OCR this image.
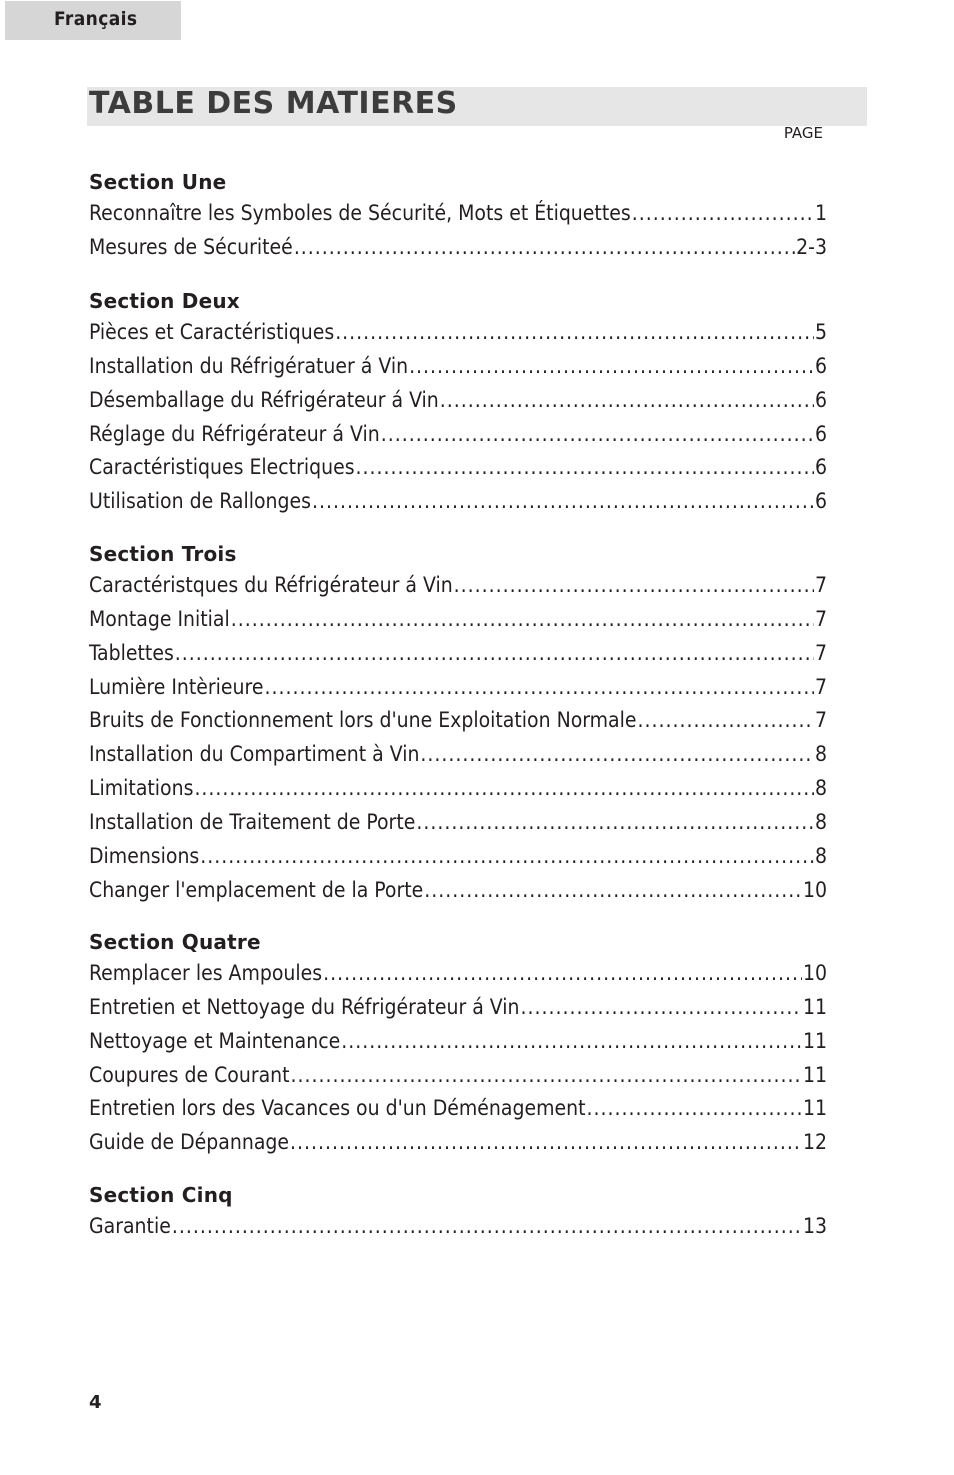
Français
TABLE DES MATIERES
PAGE
Section Une
Reconnaître les Symboles de Sécurité, Mots et Étiquettes .....	1
Mesures de Sécuriteé .....	2-3
Section Deux
Pièces et Caractéristiques .....	5
Installation du Réfrigératuer á Vin .....	6
Désemballage du Réfrigérateur á Vin .....	6
Réglage du Réfrigérateur á Vin .....	6
Caractéristiques Electriques .....	6
Utilisation de Rallonges .....	6
Section Trois
Caractéristques du Réfrigérateur á Vin .....	7
Montage Initial .....	7
Tablettes .....	7
Lumière Intèrieure .....	7
Bruits de Fonctionnement lors d'une Exploitation Normale .....	7
Installation du Compartiment à Vin .....	8
Limitations .....	8
Installation de Traitement de Porte .....	8
Dimensions .....	8
Changer l'emplacement de la Porte .....	10
Section Quatre
Remplacer les Ampoules .....	10
Entretien et Nettoyage du Réfrigérateur á Vin .....	11
Nettoyage et Maintenance .....	11
Coupures de Courant .....	11
Entretien lors des Vacances ou d'un Déménagement .....	11
Guide de Dépannage .....	12
Section Cinq
Garantie .....	13
4
